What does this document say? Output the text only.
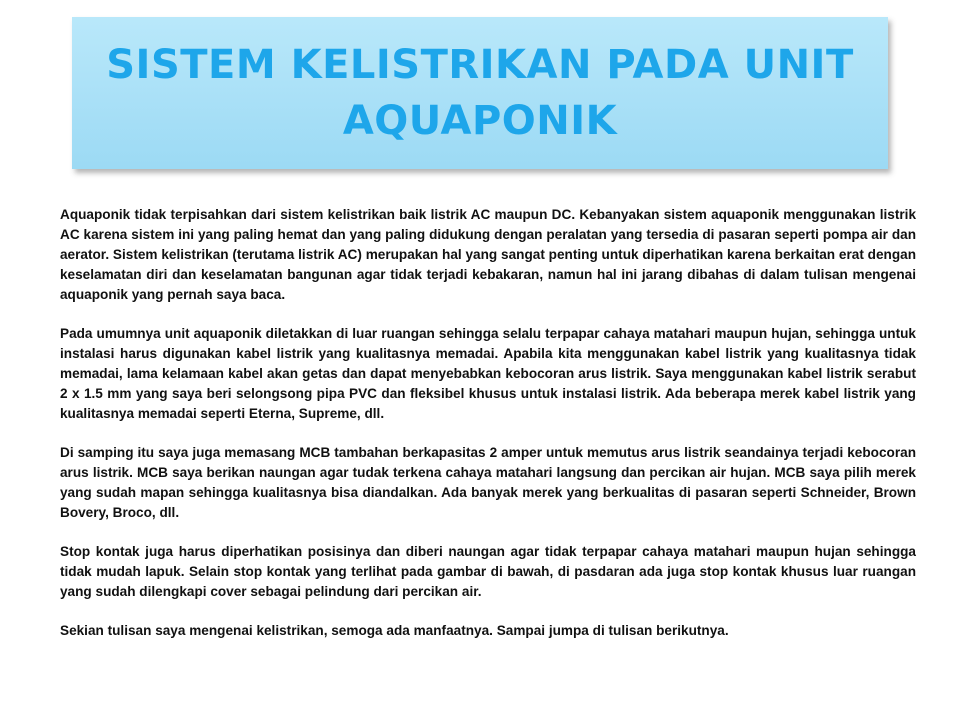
SISTEM KELISTRIKAN PADA UNIT
AQUAPONIK

Aquaponik tidak terpisahkan dari sistem kelistrikan baik listrik AC maupun DC. Kebanyakan sistem aquaponik menggunakan listrik AC karena sistem ini yang paling hemat dan yang paling didukung dengan peralatan yang tersedia di pasaran seperti pompa air dan aerator. Sistem kelistrikan (terutama listrik AC) merupakan hal yang sangat penting untuk diperhatikan karena berkaitan erat dengan keselamatan diri dan keselamatan bangunan agar tidak terjadi kebakaran, namun hal ini jarang dibahas di dalam tulisan mengenai aquaponik yang pernah saya baca.

Pada umumnya unit aquaponik diletakkan di luar ruangan sehingga selalu terpapar cahaya matahari maupun hujan, sehingga untuk instalasi harus digunakan kabel listrik yang kualitasnya memadai. Apabila kita menggunakan kabel listrik yang kualitasnya tidak memadai, lama kelamaan kabel akan getas dan dapat menyebabkan kebocoran arus listrik. Saya menggunakan kabel listrik serabut 2 x 1.5 mm yang saya beri selongsong pipa PVC dan fleksibel khusus untuk instalasi listrik. Ada beberapa merek kabel listrik yang kualitasnya memadai seperti Eterna, Supreme, dll.

Di samping itu saya juga memasang MCB tambahan berkapasitas 2 amper untuk memutus arus listrik seandainya terjadi kebocoran arus listrik. MCB saya berikan naungan agar tudak terkena cahaya matahari langsung dan percikan air hujan. MCB saya pilih merek yang sudah mapan sehingga kualitasnya bisa diandalkan. Ada banyak merek yang berkualitas di pasaran seperti Schneider, Brown Bovery, Broco, dll.

Stop kontak juga harus diperhatikan posisinya dan diberi naungan agar tidak terpapar cahaya matahari maupun hujan sehingga tidak mudah lapuk. Selain stop kontak yang terlihat pada gambar di bawah, di pasdaran ada juga stop kontak khusus luar ruangan yang sudah dilengkapi cover sebagai pelindung dari percikan air.

Sekian tulisan saya mengenai kelistrikan, semoga ada manfaatnya. Sampai jumpa di tulisan berikutnya.
